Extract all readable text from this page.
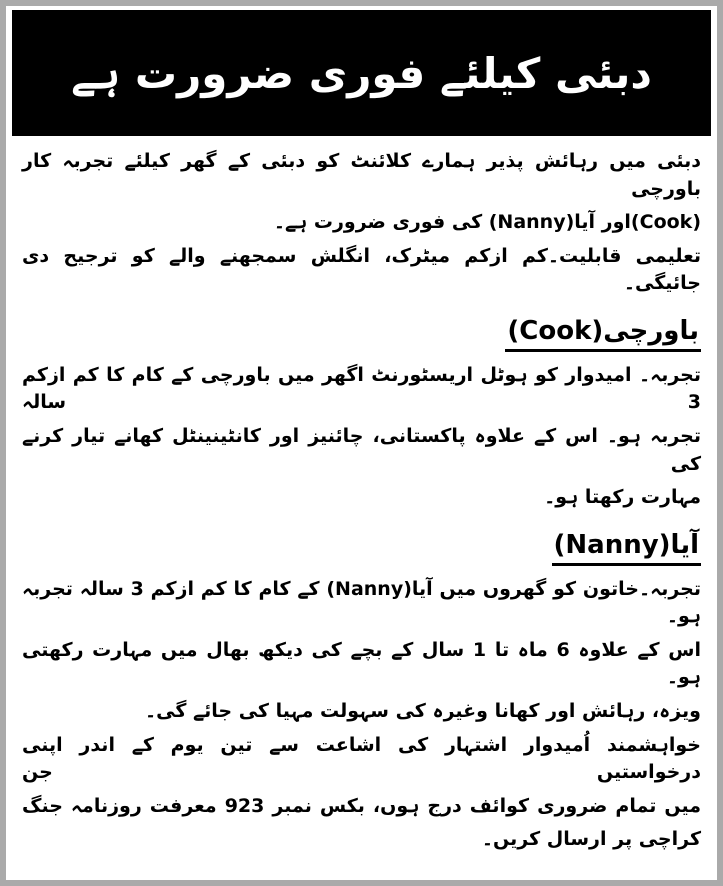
دبئی کیلئے فوری ضرورت ہے
دبئی میں رہائش پذیر ہمارے کلائنٹ کو دبئی کے گھر کیلئے تجربہ کار باورچی
(Cook)اور آیا(Nanny) کی فوری ضرورت ہے۔
تعلیمی قابلیت۔کم ازکم میٹرک، انگلش سمجھنے والے کو ترجیح دی جائیگی۔
باورچی(Cook)
تجربہ۔ امیدوار کو ہوٹل اریسٹورنٹ اگھر میں باورچی کے کام کا کم ازکم 3 سالہ
تجربہ ہو۔ اس کے علاوہ پاکستانی، چائنیز اور کانٹینینٹل کھانے تیار کرنے کی
مہارت رکھتا ہو۔
آیا(Nanny)
تجربہ۔خاتون کو گھروں میں آیا(Nanny) کے کام کا کم ازکم 3 سالہ تجربہ ہو۔
اس کے علاوہ 6 ماہ تا 1 سال کے بچے کی دیکھ بھال میں مہارت رکھتی ہو۔
ویزہ، رہائش اور کھانا وغیرہ کی سہولت مہیا کی جائے گی۔
خواہشمند اُمیدوار اشتہار کی اشاعت سے تین یوم کے اندر اپنی درخواستیں جن
میں تمام ضروری کوائف درج ہوں، بکس نمبر 923 معرفت روزنامہ جنگ
کراچی پر ارسال کریں۔
